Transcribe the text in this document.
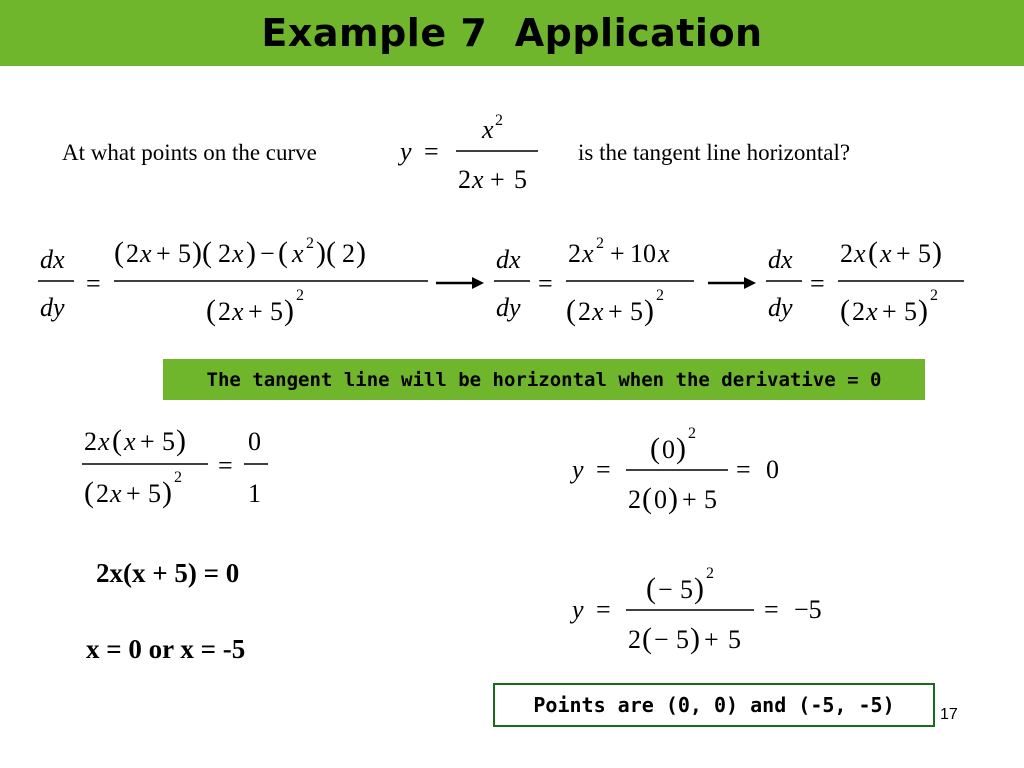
Example 7  Application
At what points on the curve	y =
x 2
2 x + 5
is the tangent line horizontal?
dx
dy
=
( 2 x + 5 )( 2 x ) − ( x 2 )( 2 )
( 2 x + 5 ) 2
dx
dy
=
2 x 2 + 10 x
( 2 x + 5 ) 2
dx
dy
=
2 x ( x + 5 )
( 2 x + 5 ) 2
The tangent line will be horizontal when the derivative = 0
2 x ( x + 5 )
( 2 x + 5 ) 2 =
0
1
2x(x + 5) = 0
x = 0 or x = -5
y =
( 0 ) 2
2 ( 0 ) + 5
= 0
y =
( − 5 ) 2
2 ( − 5 ) + 5
= −5
Points are (0, 0) and (-5, -5)	17
